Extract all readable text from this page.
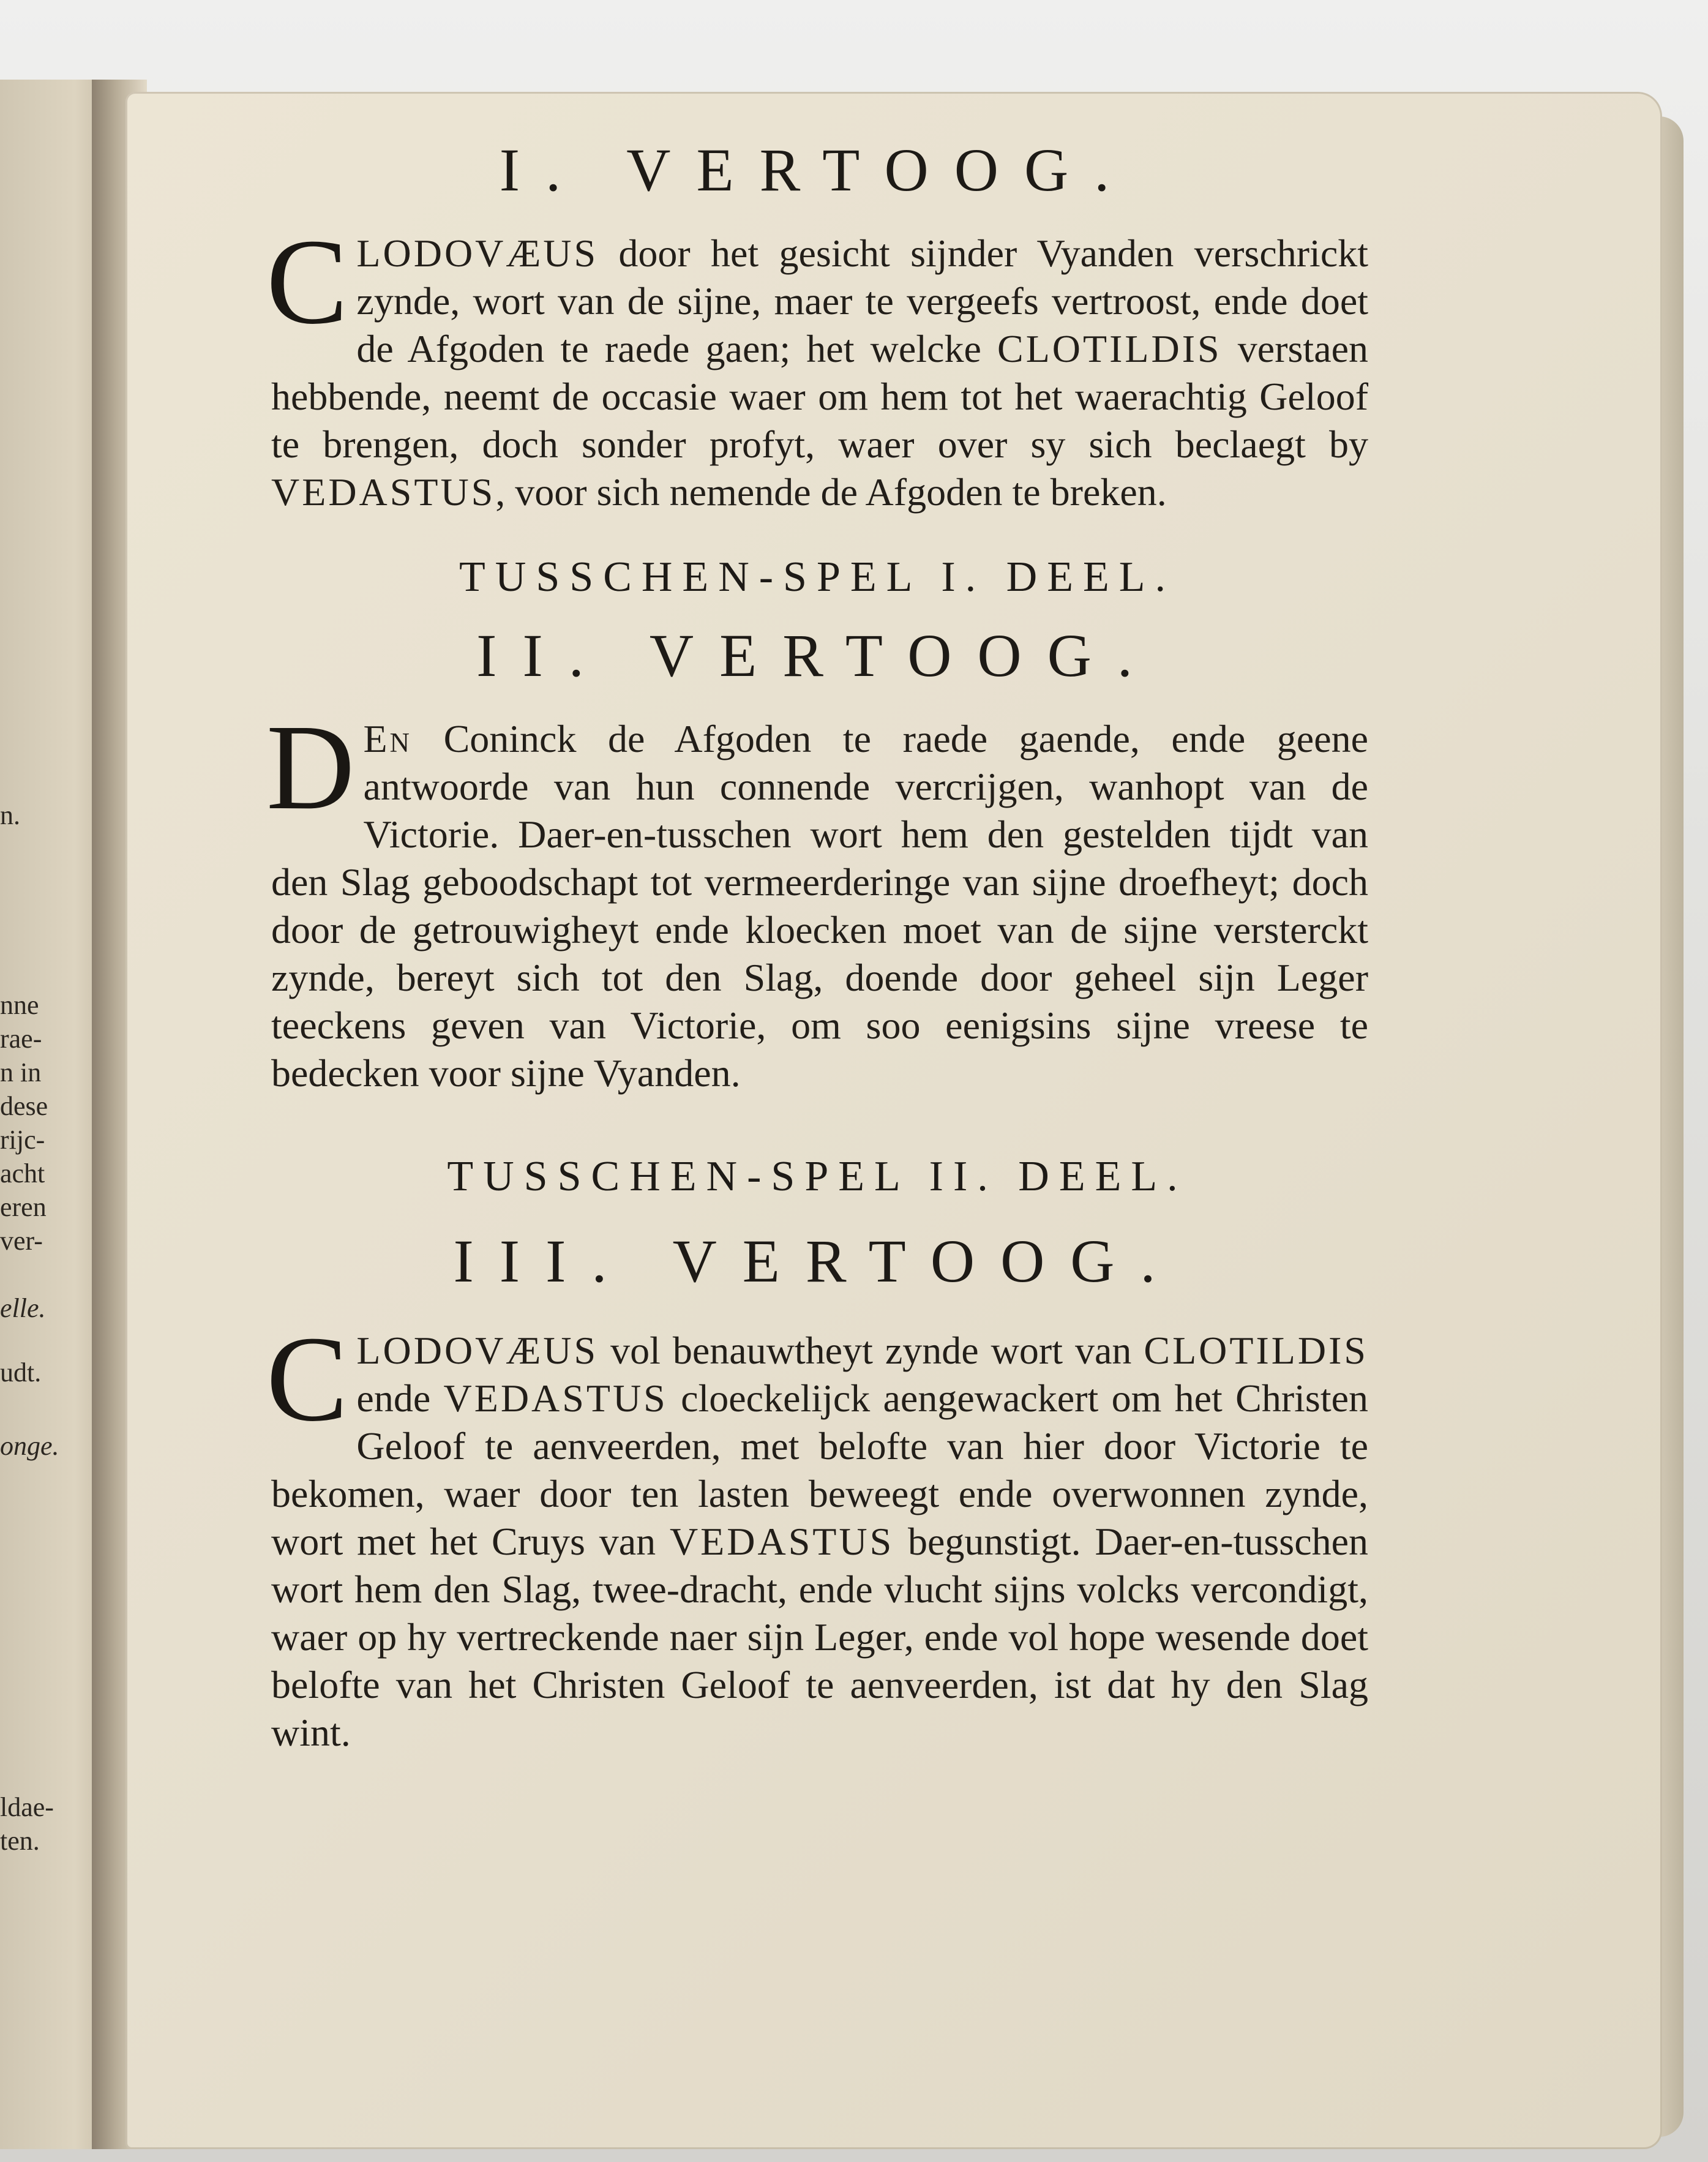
n.
nne
rae-
n in
dese
rijc-
acht
eren
ver-
elle.
udt.
onge.
ldae-
ten.
I. VERTOOG.

CLODOVÆUS door het gesicht sijnder Vyanden verschrickt zynde, wort van de sijne, maer te vergeefs vertroost, ende doet de Afgoden te raede gaen; het welcke CLOTILDIS verstaen hebbende, neemt de occasie waer om hem tot het waerachtig Geloof te brengen, doch sonder profyt, waer over sy sich beclaegt by VEDASTUS, voor sich nemende de Afgoden te breken.

TUSSCHEN-SPEL I. DEEL.
II. VERTOOG.

D En Coninck de Afgoden te raede gaende, ende geene antwoorde van hun connende vercrijgen, wanhopt van de Victorie. Daer-en-tusschen wort hem den gestelden tijdt van den Slag geboodschapt tot vermeerderinge van sijne droefheyt; doch door de getrouwigheyt ende kloecken moet van de sijne versterckt zynde, bereyt sich tot den Slag, doende door geheel sijn Leger teeckens geven van Victorie, om soo eenigsins sijne vreese te bedecken voor sijne Vyanden.

TUSSCHEN-SPEL II. DEEL.
III. VERTOOG.

CLODOVÆUS vol benauwtheyt zynde wort van CLOTILDIS ende VEDASTUS cloeckelijck aengewackert om het Christen Geloof te aenveerden, met belofte van hier door Victorie te bekomen, waer door ten lasten beweegt ende overwonnen zynde, wort met het Cruys van VEDASTUS begunstigt. Daer-en-tusschen wort hem den Slag, twee-dracht, ende vlucht sijns volcks vercondigt, waer op hy vertreckende naer sijn Leger, ende vol hope wesende doet belofte van het Christen Geloof te aenveerden, ist dat hy den Slag wint.
